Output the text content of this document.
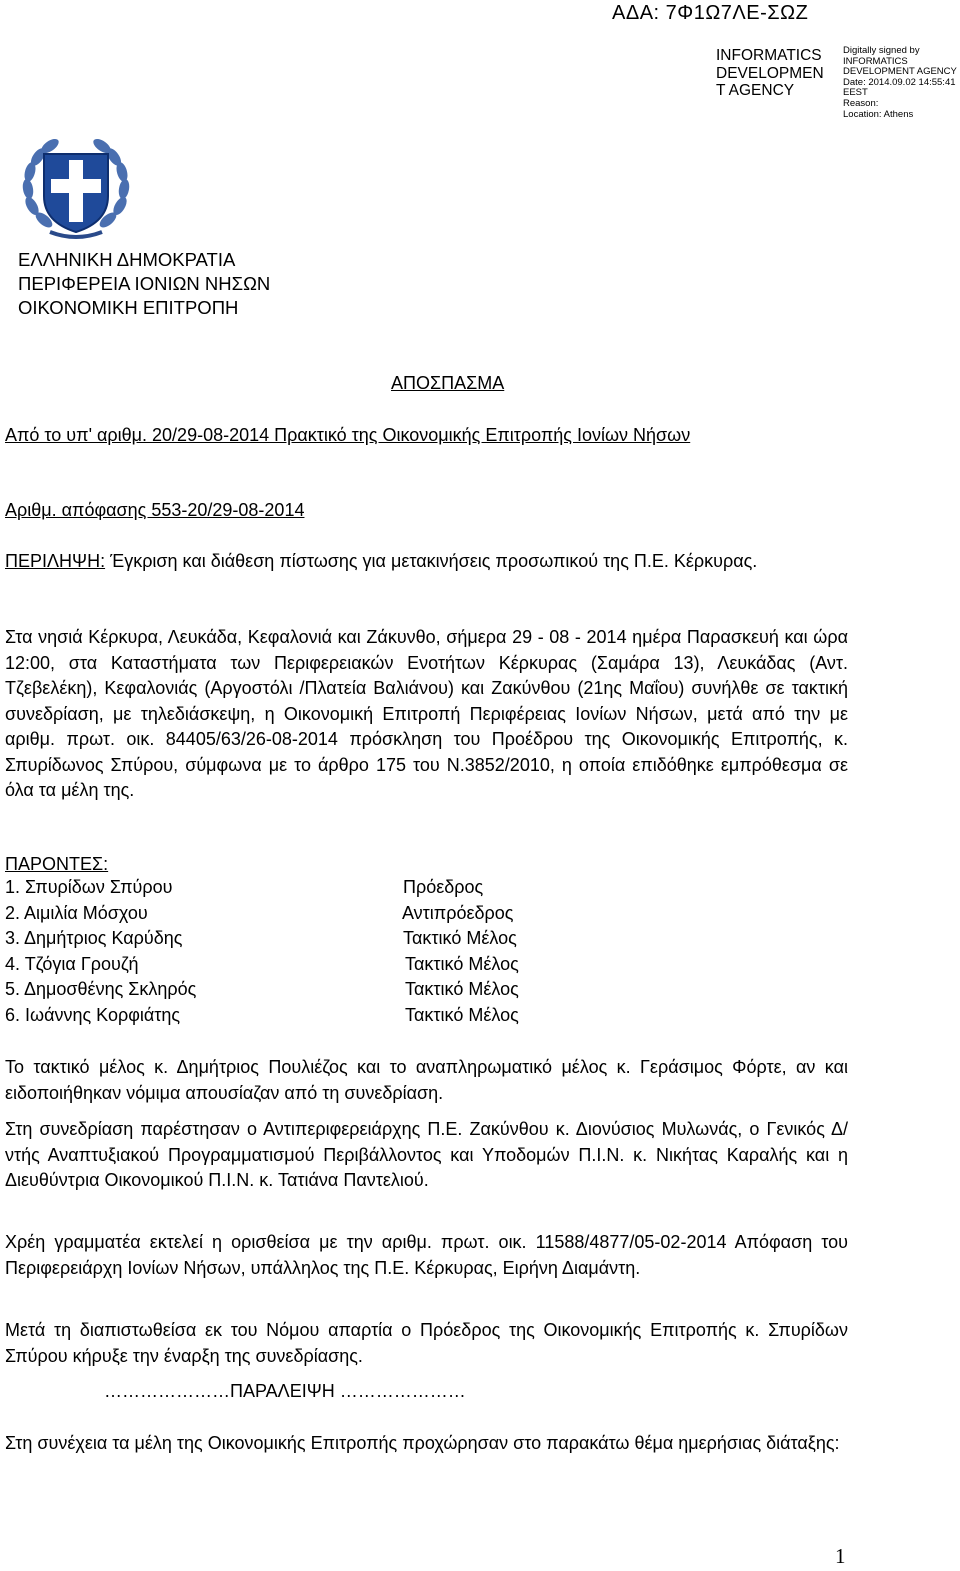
ΑΔΑ: 7Φ1Ω7ΛΕ-ΣΩΖ
INFORMATICS
DEVELOPMEN
T AGENCY
Digitally signed by
INFORMATICS
DEVELOPMENT AGENCY
Date: 2014.09.02 14:55:41
EEST
Reason:
Location: Athens
ΕΛΛΗΝΙΚΗ ΔΗΜΟΚΡΑΤΙΑ
ΠΕΡΙΦΕΡΕΙΑ ΙΟΝΙΩΝ ΝΗΣΩΝ
ΟΙΚΟΝΟΜΙΚΗ ΕΠΙΤΡΟΠΗ
ΑΠΟΣΠΑΣΜΑ
Από το υπ' αριθμ. 20/29-08-2014 Πρακτικό της Οικονομικής Επιτροπής Ιονίων Νήσων
Αριθμ. απόφασης 553-20/29-08-2014
ΠΕΡΙΛΗΨΗ: Έγκριση και διάθεση πίστωσης για μετακινήσεις προσωπικού της Π.Ε. Κέρκυρας.
Στα νησιά Κέρκυρα, Λευκάδα, Κεφαλονιά και Ζάκυνθο, σήμερα 29 - 08 - 2014 ημέρα Παρασκευή και ώρα 12:00, στα Καταστήματα των Περιφερειακών Ενοτήτων Κέρκυρας (Σαμάρα 13), Λευκάδας (Αντ. Τζεβελέκη), Κεφαλονιάς (Αργοστόλι /Πλατεία Βαλιάνου) και Ζακύνθου (21ης Μαΐου) συνήλθε σε τακτική συνεδρίαση, με τηλεδιάσκεψη, η Οικονομική Επιτροπή Περιφέρειας Ιονίων Νήσων, μετά από την με αριθμ. πρωτ. οικ. 84405/63/26-08-2014 πρόσκληση του Προέδρου της Οικονομικής Επιτροπής, κ. Σπυρίδωνος Σπύρου, σύμφωνα με το άρθρο 175 του Ν.3852/2010, η οποία επιδόθηκε εμπρόθεσμα σε όλα τα μέλη της.
ΠΑΡΟΝΤΕΣ:
1. Σπυρίδων Σπύρου	Πρόεδρος
2. Αιμιλία Μόσχου	Αντιπρόεδρος
3. Δημήτριος Καρύδης	Τακτικό Μέλος
4. Τζόγια Γρουζή	Τακτικό Μέλος
5. Δημοσθένης Σκληρός	Τακτικό Μέλος
6. Ιωάννης Κορφιάτης	Τακτικό Μέλος
Το τακτικό μέλος κ. Δημήτριος Πουλιέζος και το αναπληρωματικό μέλος κ. Γεράσιμος Φόρτε, αν και ειδοποιήθηκαν νόμιμα απουσίαζαν από τη συνεδρίαση.
Στη συνεδρίαση παρέστησαν ο Αντιπεριφερειάρχης Π.Ε. Ζακύνθου κ. Διονύσιος Μυλωνάς, ο Γενικός Δ/ντής Αναπτυξιακού Προγραμματισμού Περιβάλλοντος και Υποδομών Π.Ι.Ν. κ. Νικήτας Καραλής και η Διευθύντρια Οικονομικού Π.Ι.Ν. κ. Τατιάνα Παντελιού.
Χρέη γραμματέα εκτελεί η ορισθείσα με την αριθμ. πρωτ. οικ. 11588/4877/05-02-2014 Απόφαση του Περιφερειάρχη Ιονίων Νήσων, υπάλληλος της Π.Ε. Κέρκυρας, Ειρήνη Διαμάντη.
Μετά τη διαπιστωθείσα εκ του Νόμου απαρτία ο Πρόεδρος της Οικονομικής Επιτροπής κ. Σπυρίδων Σπύρου κήρυξε την έναρξη της συνεδρίασης.
…………………ΠΑΡΑΛΕΙΨΗ …………………
Στη συνέχεια τα μέλη της Οικονομικής Επιτροπής προχώρησαν στο παρακάτω θέμα ημερήσιας διάταξης:
1
